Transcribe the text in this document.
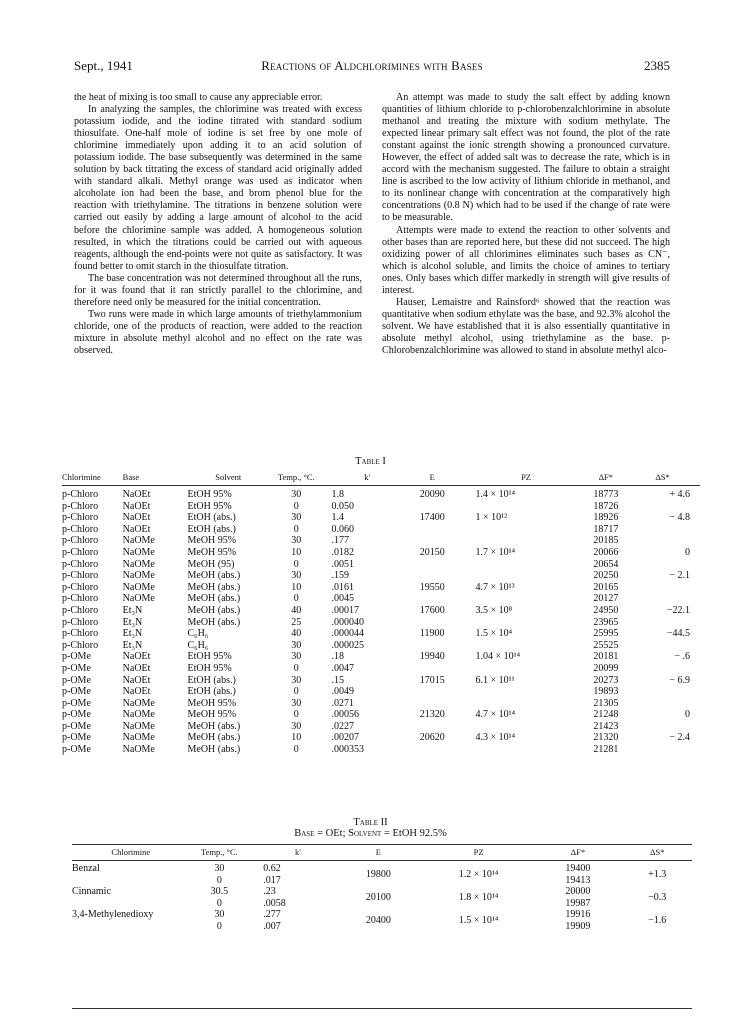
Sept., 1941	Reactions of Aldchlorimines with Bases	2385

the heat of mixing is too small to cause any appreciable error.

In analyzing the samples, the chlorimine was treated with excess potassium iodide, and the iodine titrated with standard sodium thiosulfate. One-half mole of iodine is set free by one mole of chlorimine immediately upon adding it to an acid solution of potassium iodide. The base subsequently was determined in the same solution by back titrating the excess of standard acid originally added with standard alkali. Methyl orange was used as indicator when alcoholate ion had been the base, and brom phenol blue for the reaction with triethylamine. The titrations in benzene solution were carried out easily by adding a large amount of alcohol to the acid before the chlorimine sample was added. A homogeneous solution resulted, in which the titrations could be carried out with aqueous reagents, although the end-points were not quite as satisfactory. It was found better to omit starch in the thiosulfate titration.

The base concentration was not determined throughout all the runs, for it was found that it ran strictly parallel to the chlorimine, and therefore need only be measured for the initial concentration.

Two runs were made in which large amounts of triethylammonium chloride, one of the products of reaction, were added to the reaction mixture in absolute methyl alcohol and no effect on the rate was observed.

An attempt was made to study the salt effect by adding known quantities of lithium chloride to p-chlorobenzalchlorimine in absolute methanol and treating the mixture with sodium methylate. The expected linear primary salt effect was not found, the plot of the rate constant against the ionic strength showing a pronounced curvature. However, the effect of added salt was to decrease the rate, which is in accord with the mechanism suggested. The failure to obtain a straight line is ascribed to the low activity of lithium chloride in methanol, and to its nonlinear change with concentration at the comparatively high concentrations (0.8 N) which had to be used if the change of rate were to be measurable.

Attempts were made to extend the reaction to other solvents and other bases than are reported here, but these did not succeed. The high oxidizing power of all chlorimines eliminates such bases as CN⁻, which is alcohol soluble, and limits the choice of amines to tertiary ones. Only bases which differ markedly in strength will give results of interest.

Hauser, Lemaistre and Rainsford⁶ showed that the reaction was quantitative when sodium ethylate was the base, and 92.3% alcohol the solvent. We have established that it is also essentially quantitative in absolute methyl alcohol, using triethylamine as the base. p-Chlorobenzalchlorimine was allowed to stand in absolute methyl alco-

Table I
Chlorimine	Base	Solvent	Temp., °C.	k'	E	PZ	ΔF*	ΔS*
p-Chloro	NaOEt	EtOH 95%	30	1.8	20090	1.4 × 10¹⁴	18773	+ 4.6
p-Chloro	NaOEt	EtOH 95%	0	0.050			18726	
p-Chloro	NaOEt	EtOH (abs.)	30	1.4	17400	1 × 10¹²	18926	− 4.8
p-Chloro	NaOEt	EtOH (abs.)	0	0.060			18717	
p-Chloro	NaOMe	MeOH 95%	30	.177			20185	
p-Chloro	NaOMe	MeOH 95%	10	.0182	20150	1.7 × 10¹⁴	20066	0
p-Chloro	NaOMe	MeOH (95)	0	.0051			20654	
p-Chloro	NaOMe	MeOH (abs.)	30	.159			20250	− 2.1
p-Chloro	NaOMe	MeOH (abs.)	10	.0161	19550	4.7 × 10¹³	20165	
p-Chloro	NaOMe	MeOH (abs.)	0	.0045			20127	
p-Chloro	Et₃N	MeOH (abs.)	40	.00017	17600	3.5 × 10⁸	24950	−22.1
p-Chloro	Et₃N	MeOH (abs.)	25	.000040			23965	
p-Chloro	Et₃N	C₆H₆	40	.000044	11900	1.5 × 10⁴	25995	−44.5
p-Chloro	Et₃N	C₆H₆	30	.000025			25525	
p-OMe	NaOEt	EtOH 95%	30	.18	19940	1.04 × 10¹⁴	20181	− .6
p-OMe	NaOEt	EtOH 95%	0	.0047			20099	
p-OMe	NaOEt	EtOH (abs.)	30	.15	17015	6.1 × 10¹¹	20273	− 6.9
p-OMe	NaOEt	EtOH (abs.)	0	.0049			19893	
p-OMe	NaOMe	MeOH 95%	30	.0271			21305	
p-OMe	NaOMe	MeOH 95%	0	.00056	21320	4.7 × 10¹⁴	21248	0
p-OMe	NaOMe	MeOH (abs.)	30	.0227			21423	
p-OMe	NaOMe	MeOH (abs.)	10	.00207	20620	4.3 × 10¹⁴	21320	− 2.4
p-OMe	NaOMe	MeOH (abs.)	0	.000353			21281	
Table II
Base = OEt; Solvent = EtOH 92.5%
Chlorimine	Temp., °C.	k'	E	PZ	ΔF*	ΔS*
Benzal	30	0.62	19800	1.2 × 10¹⁴	19400	+1.3
	0	.017			19413	
Cinnamic	30.5	.23	20100	1.8 × 10¹⁴	20000	−0.3
	0	.0058			19987	
3,4-Methylenedioxy	30	.277	20400	1.5 × 10¹⁴	19916	−1.6
	0	.007			19909	
